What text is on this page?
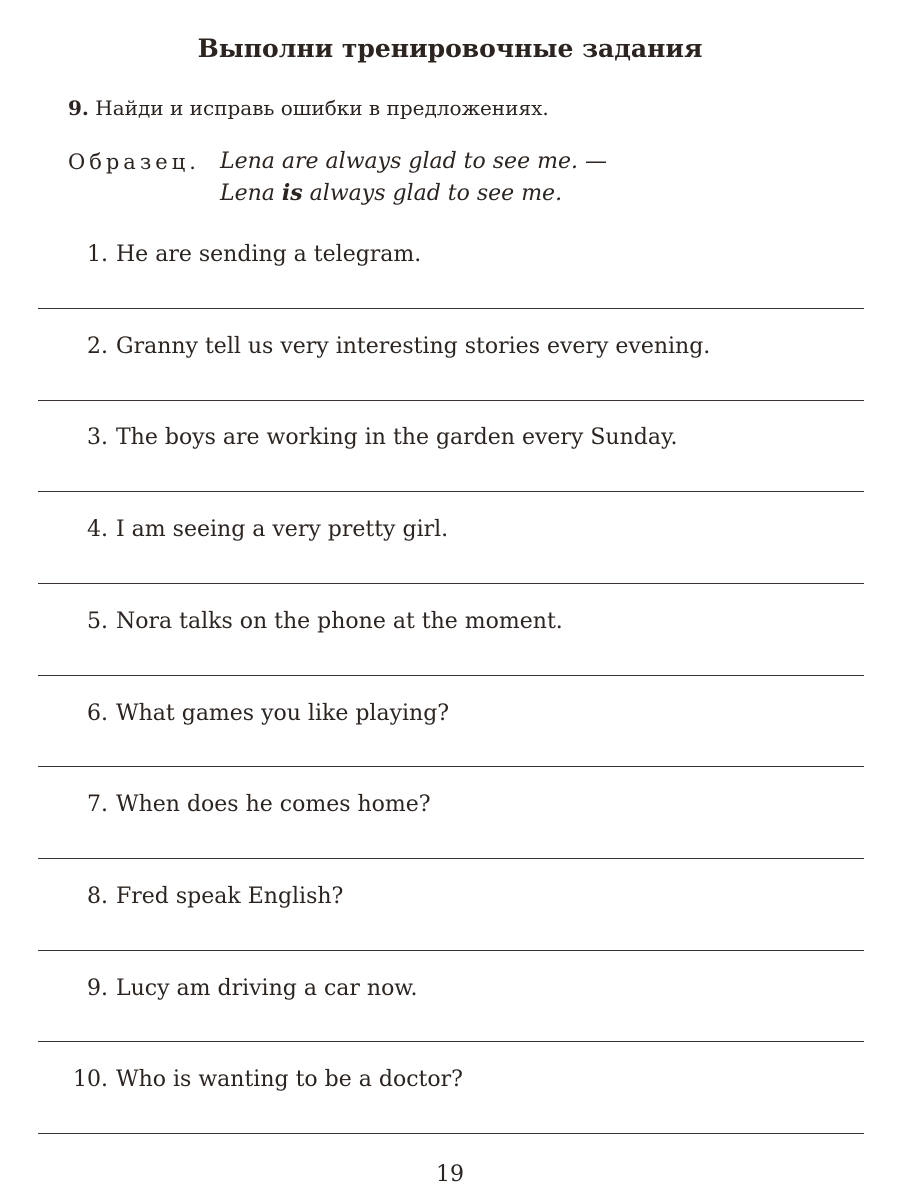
Выполни тренировочные задания
9. Найди и исправь ошибки в предложениях.
Образец. Lena are always glad to see me. —
Lena is always glad to see me.
1. He are sending a telegram.
2. Granny tell us very interesting stories every evening.
3. The boys are working in the garden every Sunday.
4. I am seeing a very pretty girl.
5. Nora talks on the phone at the moment.
6. What games you like playing?
7. When does he comes home?
8. Fred speak English?
9. Lucy am driving a car now.
10. Who is wanting to be a doctor?
19
